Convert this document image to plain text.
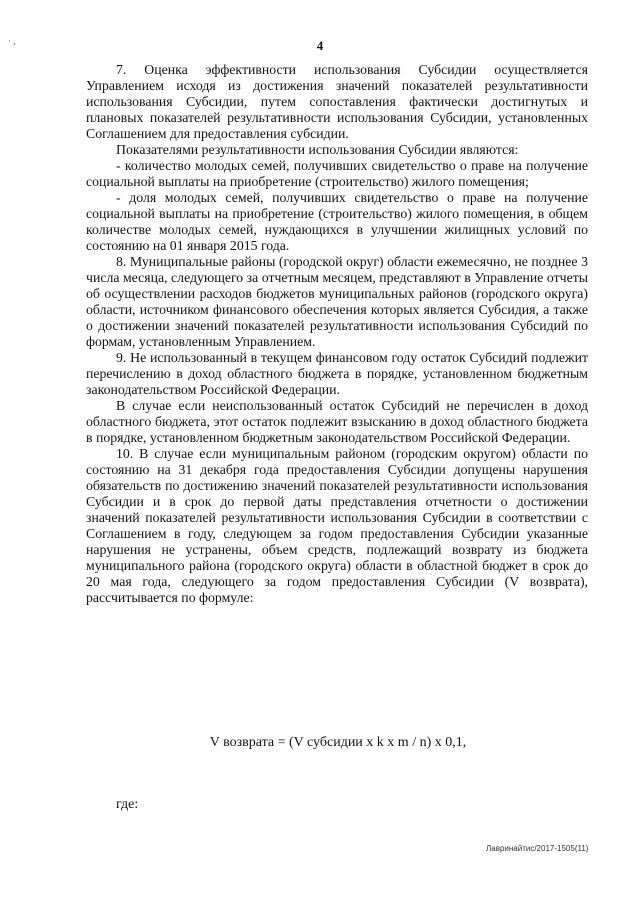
· ,	4

7. Оценка эффективности использования Субсидии осуществляется Управлением исходя из достижения значений показателей результативности использования Субсидии, путем сопоставления фактически достигнутых и плановых показателей результативности использования Субсидии, установленных Соглашением для предоставления субсидии.

Показателями результативности использования Субсидии являются:

- количество молодых семей, получивших свидетельство о праве на получение социальной выплаты на приобретение (строительство) жилого помещения;

- доля молодых семей, получивших свидетельство о праве на получение социальной выплаты на приобретение (строительство) жилого помещения, в общем количестве молодых семей, нуждающихся в улучшении жилищных условий по состоянию на 01 января 2015 года.

8. Муниципальные районы (городской округ) области ежемесячно, не позднее 3 числа месяца, следующего за отчетным месяцем, представляют в Управление отчеты об осуществлении расходов бюджетов муниципальных районов (городского округа) области, источником финансового обеспечения которых является Субсидия, а также о достижении значений показателей результативности использования Субсидий по формам, установленным Управлением.

9. Не использованный в текущем финансовом году остаток Субсидий подлежит перечислению в доход областного бюджета в порядке, установленном бюджетным законодательством Российской Федерации.

В случае если неиспользованный остаток Субсидий не перечислен в доход областного бюджета, этот остаток подлежит взысканию в доход областного бюджета в порядке, установленном бюджетным законодательством Российской Федерации.

10. В случае если муниципальным районом (городским округом) области по состоянию на 31 декабря года предоставления Субсидии допущены нарушения обязательств по достижению значений показателей результативности использования Субсидии и в срок до первой даты представления отчетности о достижении значений показателей результативности использования Субсидии в соответствии с Соглашением в году, следующем за годом предоставления Субсидии указанные нарушения не устранены, объем средств, подлежащий возврату из бюджета муниципального района (городского округа) области в областной бюджет в срок до 20 мая года, следующего за годом предоставления Субсидии (V возврата), рассчитывается по формуле:

V возврата = (V субсидии x k x m / n) x 0,1,
где:
Лавринайтис/2017-1505(11)
